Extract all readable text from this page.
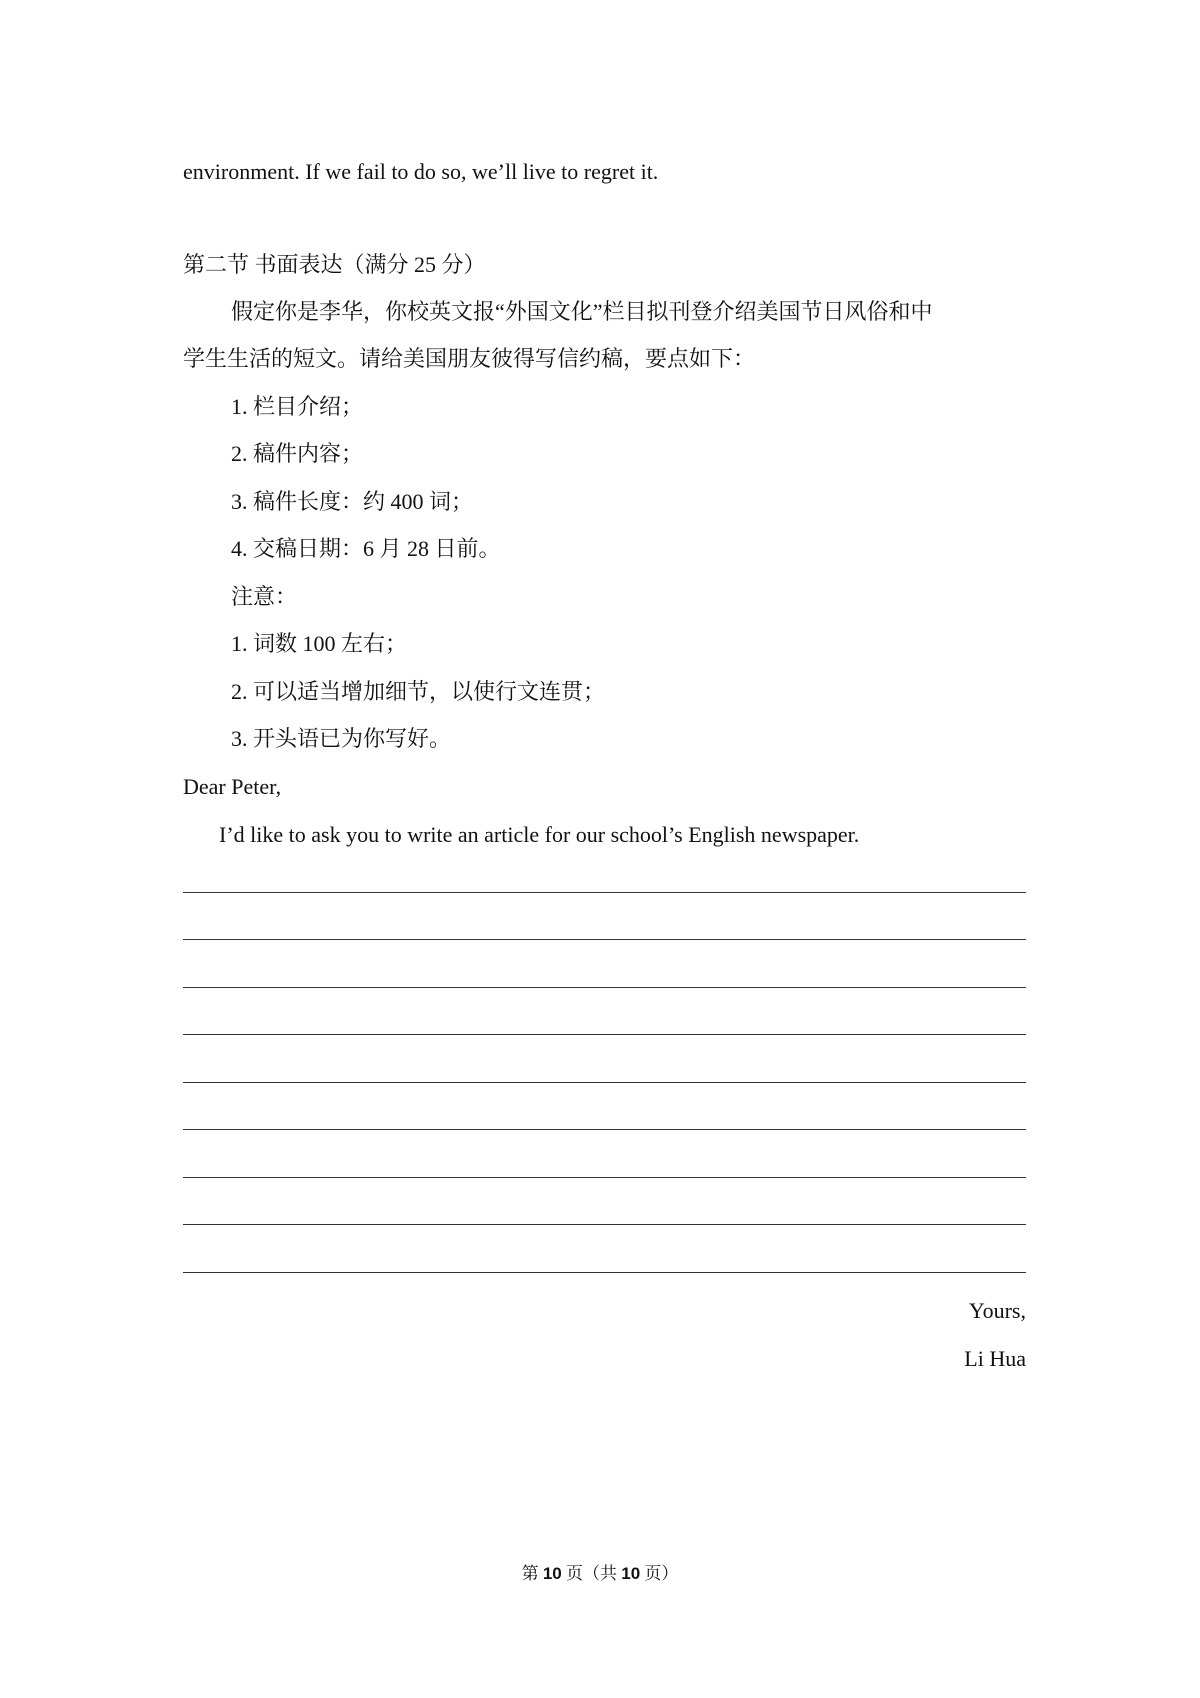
environment. If we fail to do so, we’ll live to regret it.
第二节 书面表达（满分 25 分）
假定你是李华，你校英文报“外国文化”栏目拟刊登介绍美国节日风俗和中
学生生活的短文。请给美国朋友彼得写信约稿，要点如下：
1. 栏目介绍；
2. 稿件内容；
3. 稿件长度：约 400 词；
4. 交稿日期：6 月 28 日前。
注意：
1. 词数 100 左右；
2. 可以适当增加细节，以使行文连贯；
3. 开头语已为你写好。
Dear Peter,
I’d like to ask you to write an article for our school’s English newspaper.
Yours,
Li Hua
第 10 页（共 10 页）
